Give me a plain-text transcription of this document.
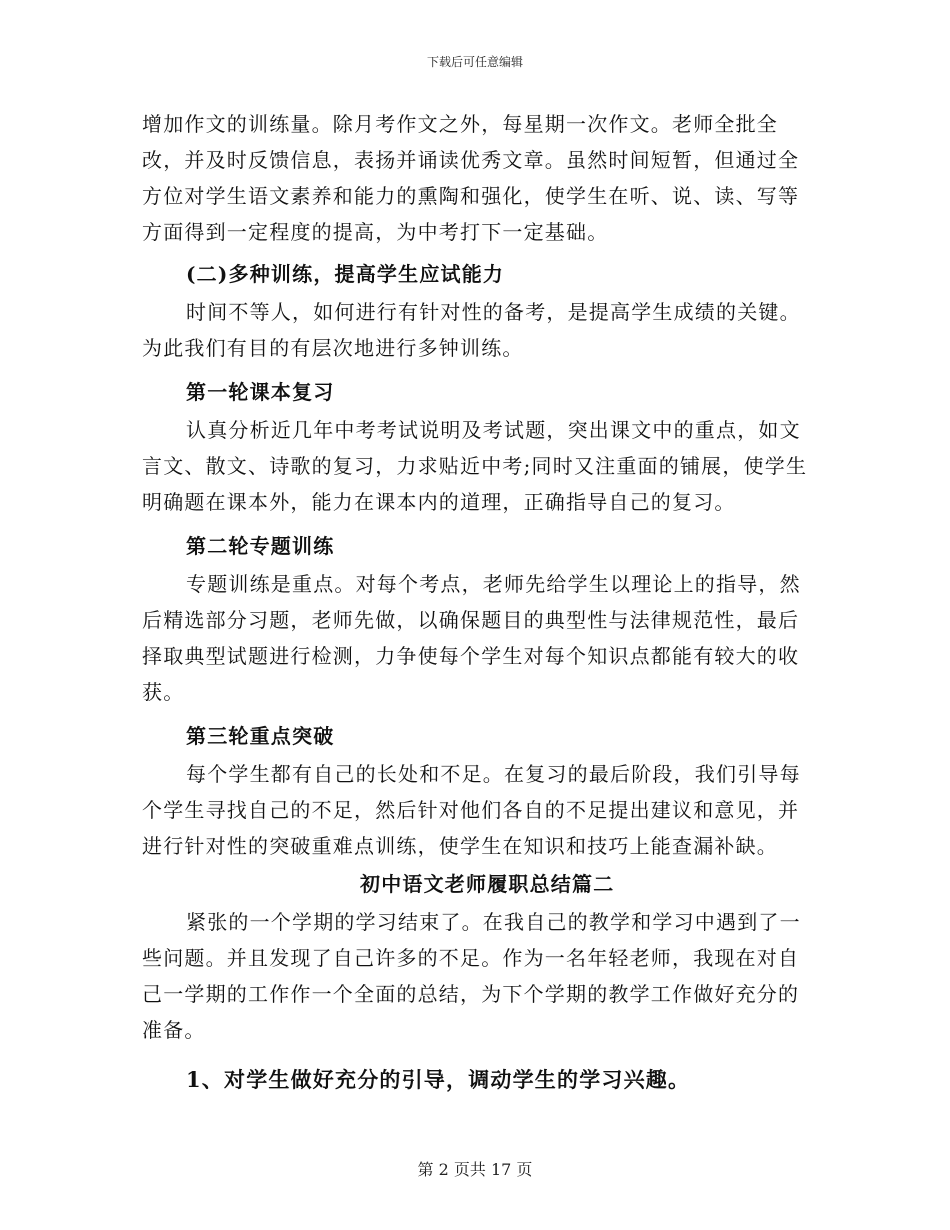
下载后可任意编辑

增加作文的训练量。除月考作文之外，每星期一次作文。老师全批全改，并及时反馈信息，表扬并诵读优秀文章。虽然时间短暂，但通过全方位对学生语文素养和能力的熏陶和强化，使学生在听、说、读、写等方面得到一定程度的提高，为中考打下一定基础。

(二)多种训练，提高学生应试能力

时间不等人，如何进行有针对性的备考，是提高学生成绩的关键。为此我们有目的有层次地进行多钟训练。

第一轮课本复习

认真分析近几年中考考试说明及考试题，突出课文中的重点，如文言文、散文、诗歌的复习，力求贴近中考;同时又注重面的铺展，使学生明确题在课本外，能力在课本内的道理，正确指导自己的复习。

第二轮专题训练

专题训练是重点。对每个考点，老师先给学生以理论上的指导，然后精选部分习题，老师先做，以确保题目的典型性与法律规范性，最后择取典型试题进行检测，力争使每个学生对每个知识点都能有较大的收获。

第三轮重点突破

每个学生都有自己的长处和不足。在复习的最后阶段，我们引导每个学生寻找自己的不足，然后针对他们各自的不足提出建议和意见，并进行针对性的突破重难点训练，使学生在知识和技巧上能查漏补缺。

初中语文老师履职总结篇二

紧张的一个学期的学习结束了。在我自己的教学和学习中遇到了一些问题。并且发现了自己许多的不足。作为一名年轻老师，我现在对自己一学期的工作作一个全面的总结，为下个学期的教学工作做好充分的准备。

1、对学生做好充分的引导，调动学生的学习兴趣。

第 2 页共 17 页
